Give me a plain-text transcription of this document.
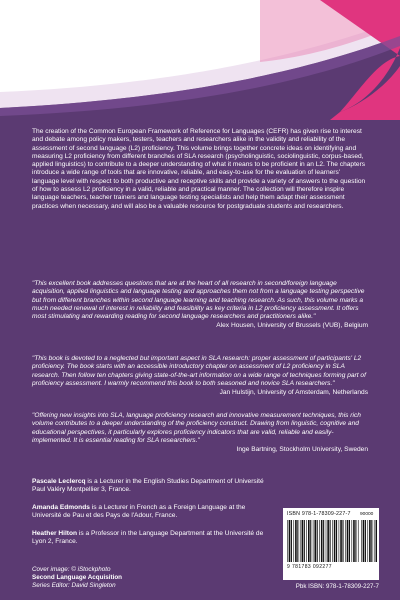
The creation of the Common European Framework of Reference for Languages (CEFR) has given rise to interest and debate among policy makers, testers, teachers and researchers alike in the validity and reliability of the assessment of second language (L2) proficiency. This volume brings together concrete ideas on identifying and measuring L2 proficiency from different branches of SLA research (psycholinguistic, sociolinguistic, corpus-based, applied linguistics) to contribute to a deeper understanding of what it means to be proficient in an L2. The chapters introduce a wide range of tools that are innovative, reliable, and easy-to-use for the evaluation of learners' language level with respect to both productive and receptive skills and provide a variety of answers to the question of how to assess L2 proficiency in a valid, reliable and practical manner. The collection will therefore inspire language teachers, teacher trainers and language testing specialists and help them adapt their assessment practices when necessary, and will also be a valuable resource for postgraduate students and researchers.
"This excellent book addresses questions that are at the heart of all research in second/foreign language acquisition, applied linguistics and language testing and approaches them not from a language testing perspective but from different branches within second language learning and teaching research. As such, this volume marks a much needed renewal of interest in reliability and feasibility as key criteria in L2 proficiency assessment. It offers most stimulating and rewarding reading for second language researchers and practitioners alike."
Alex Housen, University of Brussels (VUB), Belgium
"This book is devoted to a neglected but important aspect in SLA research: proper assessment of participants' L2 proficiency. The book starts with an accessible introductory chapter on assessment of L2 proficiency in SLA research. Then follow ten chapters giving state-of-the-art information on a wide range of techniques forming part of proficiency assessment. I warmly recommend this book to both seasoned and novice SLA researchers."
Jan Hulstijn, University of Amsterdam, Netherlands
"Offering new insights into SLA, language proficiency research and innovative measurement techniques, this rich volume contributes to a deeper understanding of the proficiency construct. Drawing from linguistic, cognitive and educational perspectives, it particularly explores proficiency indicators that are valid, reliable and easily-implemented. It is essential reading for SLA researchers."
Inge Bartning, Stockholm University, Sweden
Pascale Leclercq is a Lecturer in the English Studies Department of Université Paul Valéry Montpellier 3, France.
Amanda Edmonds is a Lecturer in French as a Foreign Language at the Université de Pau et des Pays de l'Adour, France.
Heather Hilton is a Professor in the Language Department at the Université de Lyon 2, France.
Cover image: © iStockphoto
Second Language Acquisition
Series Editor: David Singleton
ISBN 978-1-78309-227-7 90000
9 781783 092277
Pbk ISBN: 978-1-78309-227-7
